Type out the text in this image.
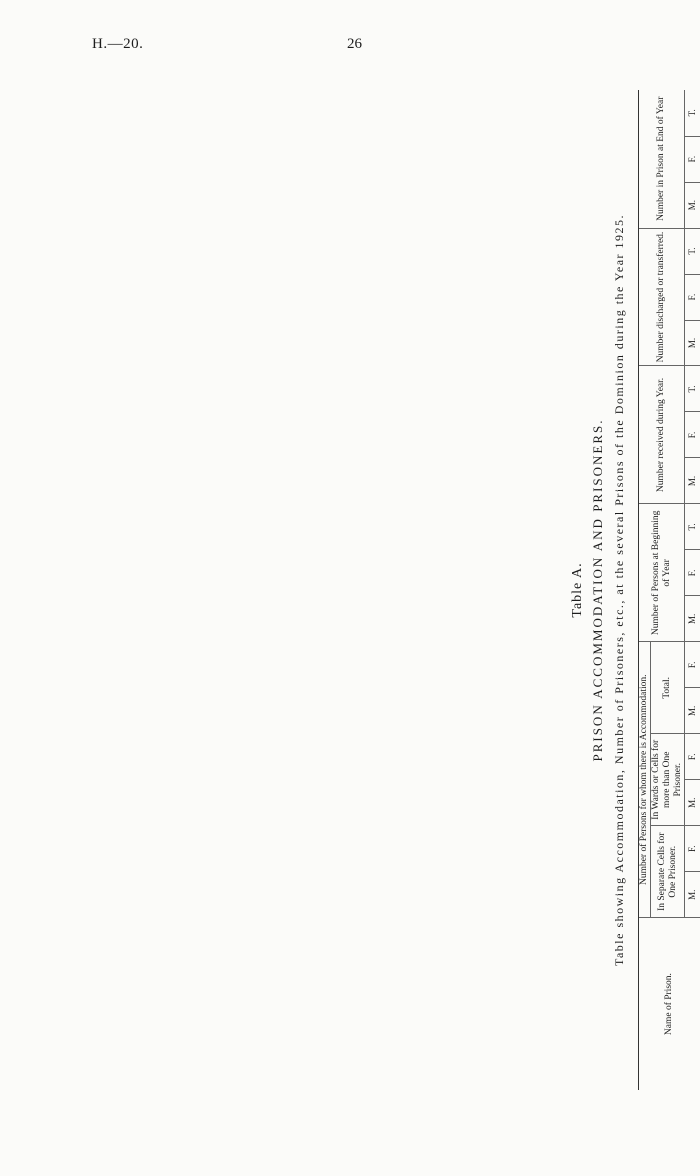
H.—20.	26
Table A. PRISON ACCOMMODATION AND PRISONERS. Table showing Accommodation, Number of Prisoners, etc., at the several Prisons of the Dominion during the Year 1925.
Name of Prison.	Number of Persons for whom there is Accommodation.						Number of Persons at Beginning of Year			Number received during Year.			Number discharged or transferred.			Number in Prison at End of Year		
	In Separate Cells for One Prisoner.		In Wards or Cells for more than One Prisoner.		Total.													
	M.	F.	M.	F.	M.	F.	M.	F.	T.	M.	F.	T.	M.	F.	T.	M.	F.	T.
